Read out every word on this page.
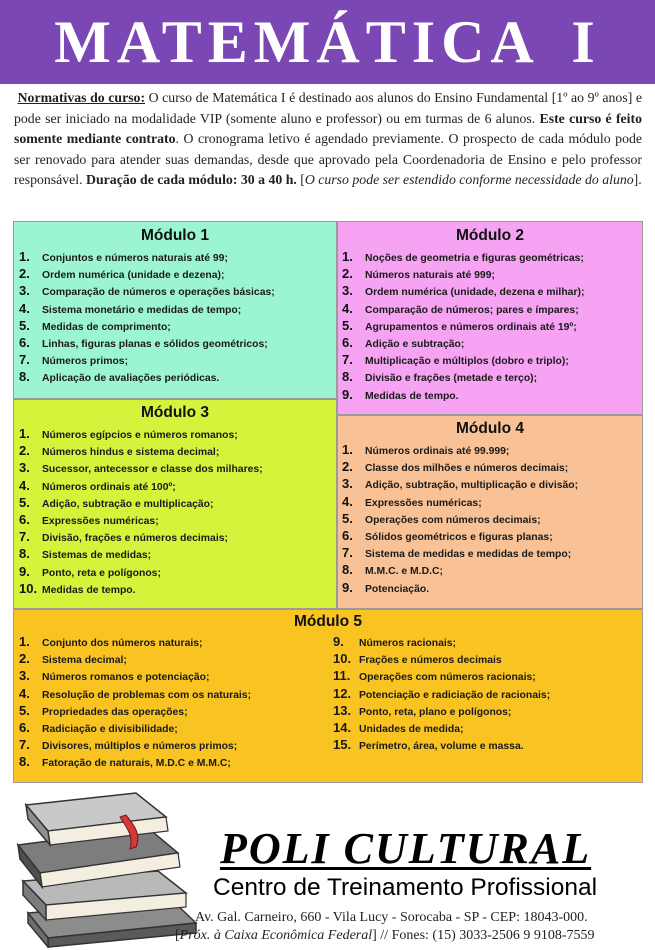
MATEMÁTICA I
Normativas do curso: O curso de Matemática I é destinado aos alunos do Ensino Fundamental [1º ao 9º anos] e pode ser iniciado na modalidade VIP (somente aluno e professor) ou em turmas de 6 alunos. Este curso é feito somente mediante contrato. O cronograma letivo é agendado previamente. O prospecto de cada módulo pode ser renovado para atender suas demandas, desde que aprovado pela Coordenadoria de Ensino e pelo professor responsável. Duração de cada módulo: 30 a 40 h. [O curso pode ser estendido conforme necessidade do aluno].
Módulo 1
1.	Conjuntos e números naturais até 99;
2.	Ordem numérica (unidade e dezena);
3.	Comparação de números e operações básicas;
4.	Sistema monetário e medidas de tempo;
5.	Medidas de comprimento;
6.	Linhas, figuras planas e sólidos geométricos;
7.	Números primos;
8.	Aplicação de avaliações periódicas.
Módulo 2
1.	Noções de geometria e figuras geométricas;
2.	Números naturais até 999;
3.	Ordem numérica (unidade, dezena e milhar);
4.	Comparação de números; pares e ímpares;
5.	Agrupamentos e números ordinais até 19º;
6.	Adição e subtração;
7.	Multiplicação e múltiplos (dobro e triplo);
8.	Divisão e frações (metade e terço);
9.	Medidas de tempo.
Módulo 3
1.	Números egípcios e números romanos;
2.	Números hindus e sistema decimal;
3.	Sucessor, antecessor e classe dos milhares;
4.	Números ordinais até 100º;
5.	Adição, subtração e multiplicação;
6.	Expressões numéricas;
7.	Divisão, frações e números decimais;
8.	Sistemas de medidas;
9.	Ponto, reta e polígonos;
10. Medidas de tempo.
Módulo 4
1.	Números ordinais até 99.999;
2.	Classe dos milhões e números decimais;
3.	Adição, subtração, multiplicação e divisão;
4.	Expressões numéricas;
5.	Operações com números decimais;
6.	Sólidos geométricos e figuras planas;
7.	Sistema de medidas e medidas de tempo;
8.	M.M.C. e M.D.C;
9.	Potenciação.
Módulo 5
1.	Conjunto dos números naturais;
2.	Sistema decimal;
3.	Números romanos e potenciação;
4.	Resolução de problemas com os naturais;
5.	Propriedades das operações;
6.	Radiciação e divisibilidade;
7.	Divisores, múltiplos e números primos;
8.	Fatoração de naturais, M.D.C e M.M.C;
9.	Números racionais;
10. Frações e números decimais
11. Operações com números racionais;
12. Potenciação e radiciação de racionais;
13. Ponto, reta, plano e polígonos;
14. Unidades de medida;
15. Perímetro, área, volume e massa.
POLI CULTURAL
Centro de Treinamento Profissional
Av. Gal. Carneiro, 660 - Vila Lucy - Sorocaba - SP - CEP: 18043-000.
[Próx. à Caixa Econômica Federal] // Fones: (15) 3033-2506 9 9108-7559
